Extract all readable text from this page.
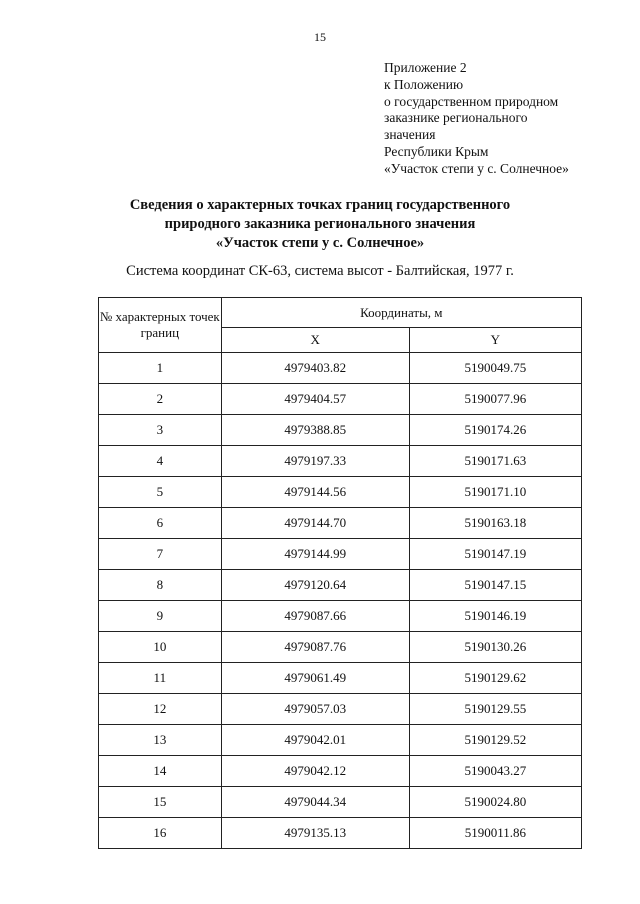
15
Приложение 2
к Положению
о государственном природном
заказнике регионального
значения
Республики Крым
«Участок степи у с. Солнечное»
Сведения о характерных точках границ государственного
природного заказника регионального значения
«Участок степи у с. Солнечное»
Система координат СК-63, система высот - Балтийская, 1977 г.
№ характерных точек границ	Координаты, м	
	X	Y
1	4979403.82	5190049.75
2	4979404.57	5190077.96
3	4979388.85	5190174.26
4	4979197.33	5190171.63
5	4979144.56	5190171.10
6	4979144.70	5190163.18
7	4979144.99	5190147.19
8	4979120.64	5190147.15
9	4979087.66	5190146.19
10	4979087.76	5190130.26
11	4979061.49	5190129.62
12	4979057.03	5190129.55
13	4979042.01	5190129.52
14	4979042.12	5190043.27
15	4979044.34	5190024.80
16	4979135.13	5190011.86
